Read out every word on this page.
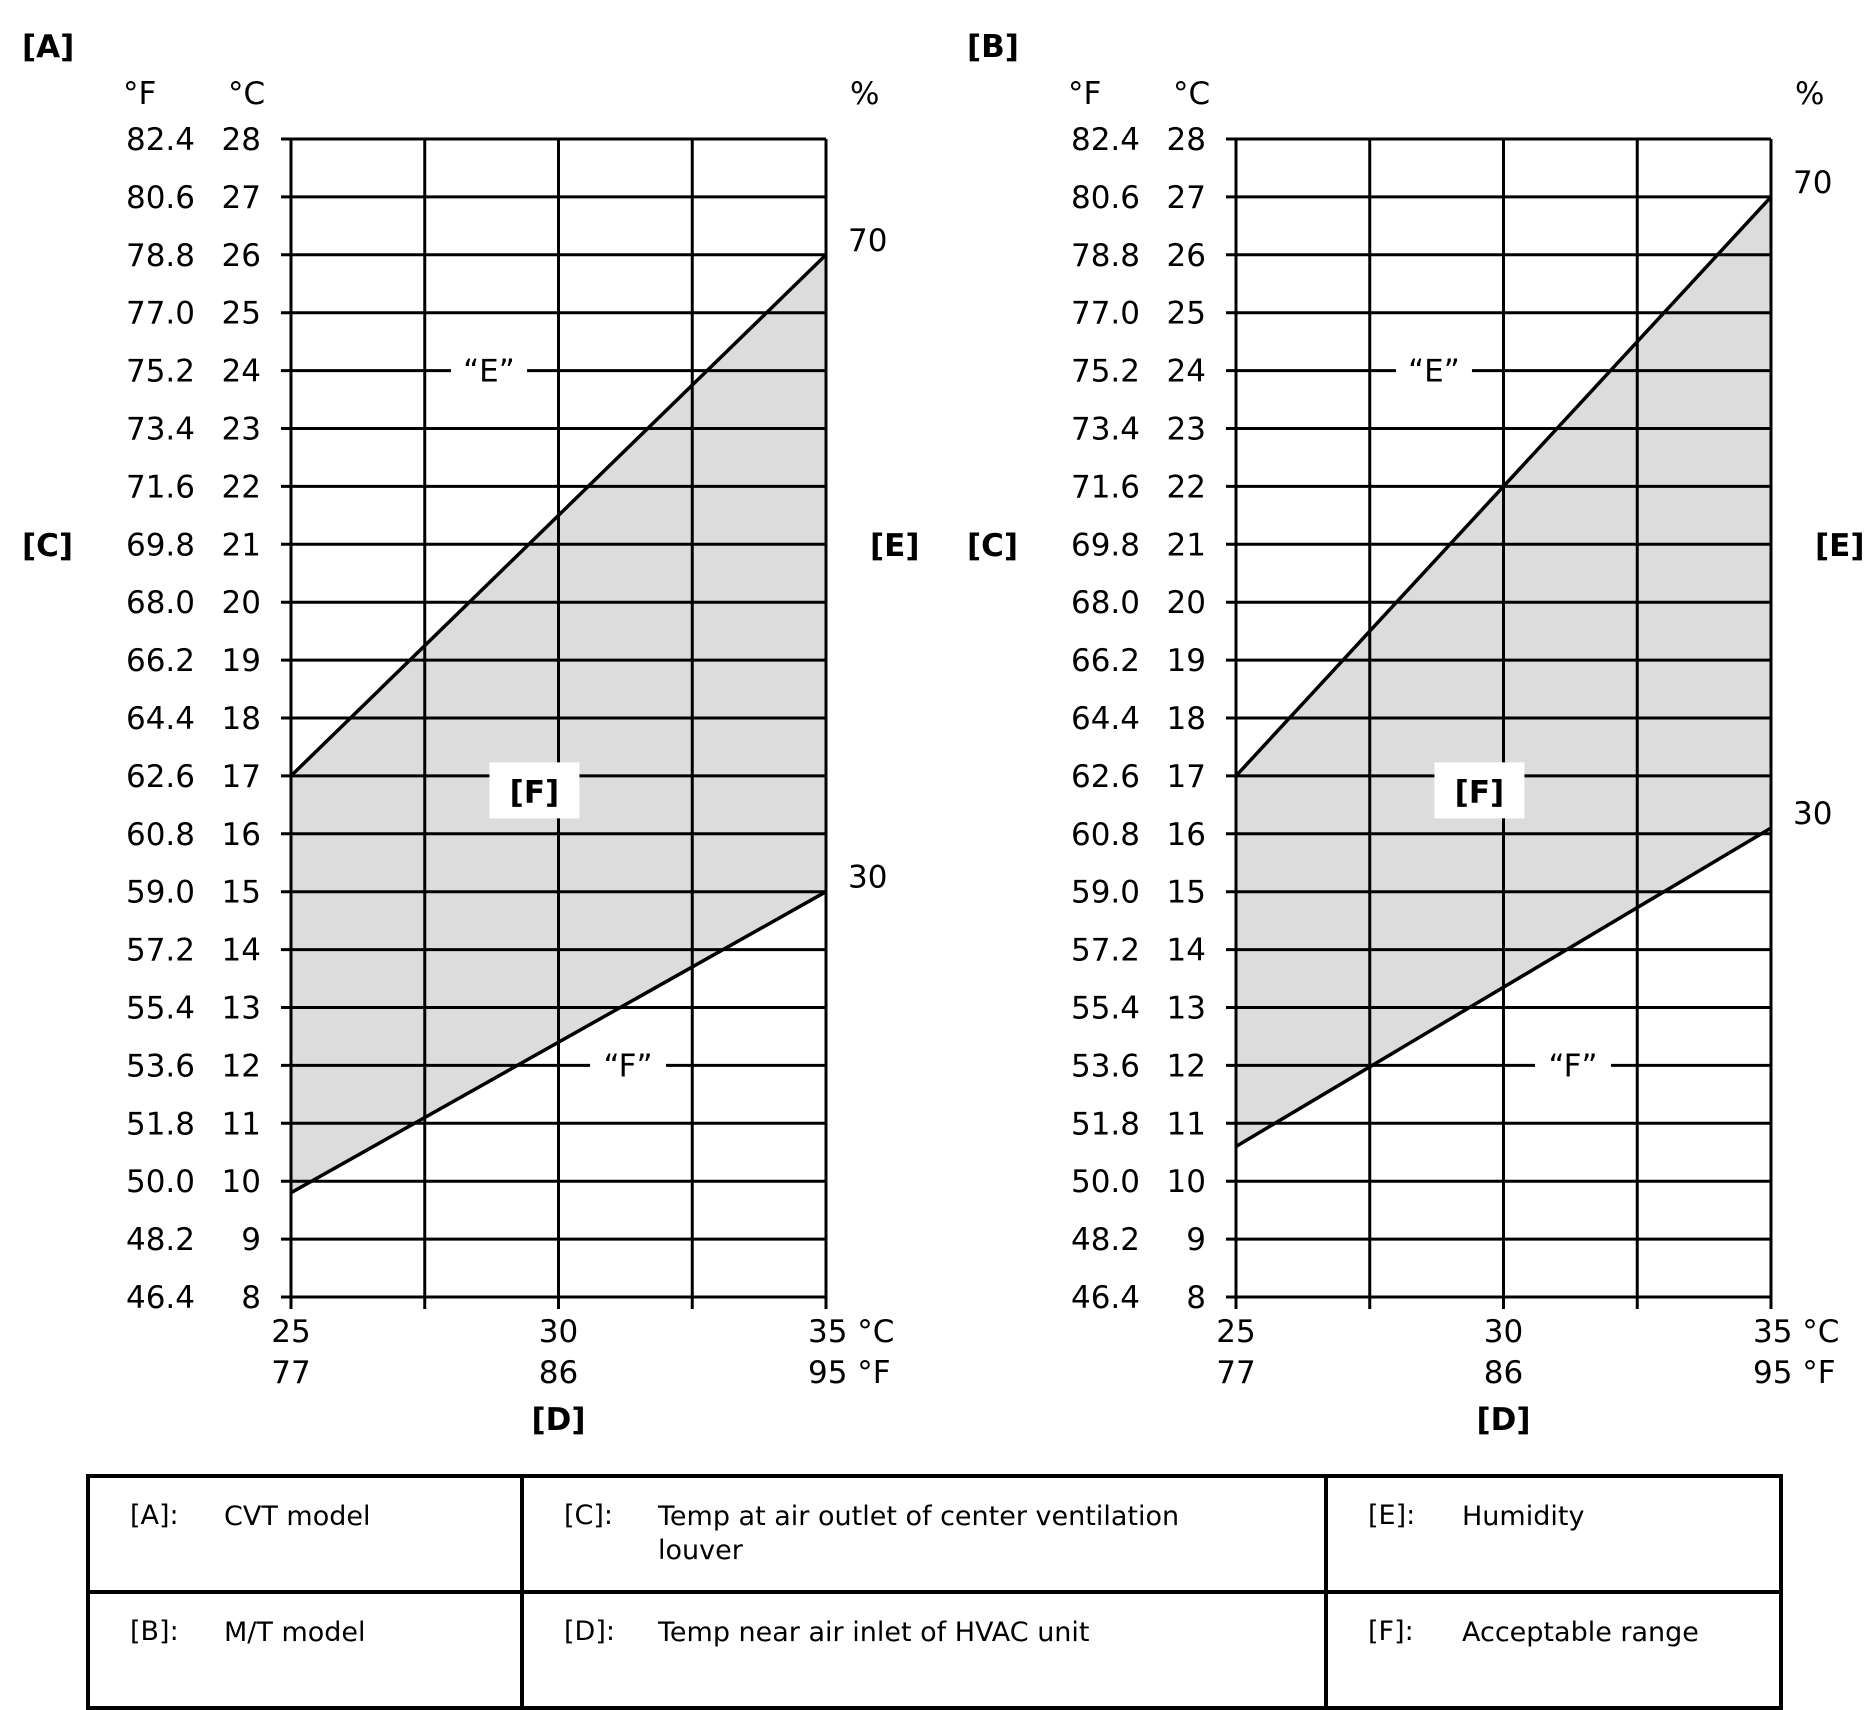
70
30
“E”
“F”
[F]
28
82.4
27
80.6
26
78.8
25
77.0
24
75.2
23
73.4
22
71.6
21
69.8
20
68.0
19
66.2
18
64.4
17
62.6
16
60.8
15
59.0
14
57.2
13
55.4
12
53.6
11
51.8
10
50.0
9
48.2
8
46.4
°F °C	%
[A]
[C]	[E]
25	30	35 °C
77	86	95 °F
[D]
70
30
“E”
“F”
[F]
28
82.4
27
80.6
26
78.8
25
77.0
24
75.2
23
73.4
22
71.6
21
69.8
20
68.0
19
66.2
18
64.4
17
62.6
16
60.8
15
59.0
14
57.2
13
55.4
12
53.6
11
51.8
10
50.0
9
48.2
8
46.4
°F °C	%
[B]
[C]	[E]
25	30	35 °C
77	86	95 °F
[D]
[A]: CVT model	[C]: Temp at air outlet of center ventilation louver	[E]: Humidity
[B]: M/T model	[D]: Temp near air inlet of HVAC unit	[F]: Acceptable range
